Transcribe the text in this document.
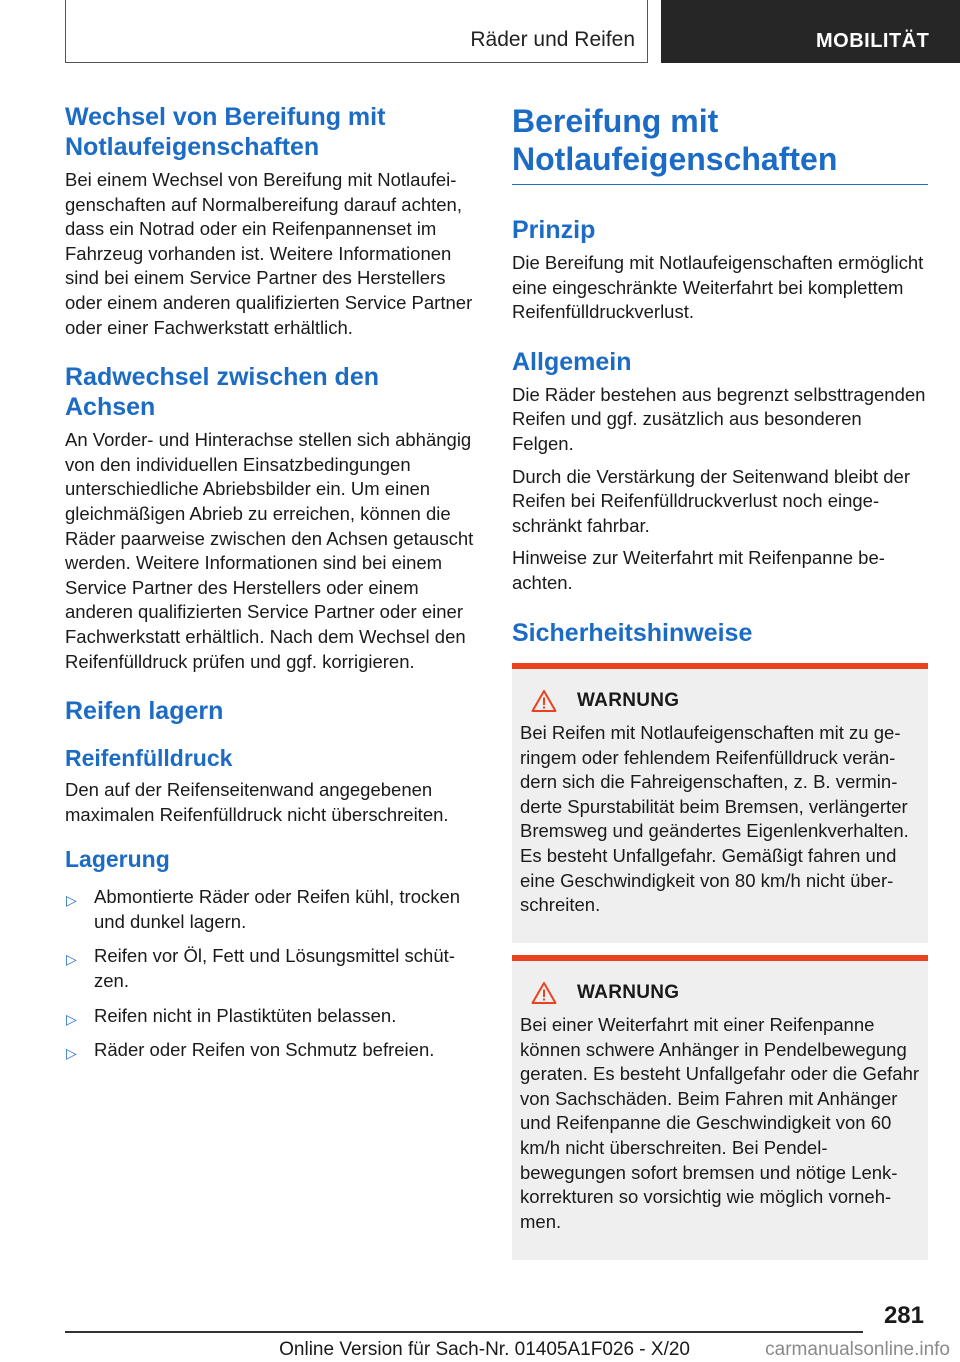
Räder und Reifen	MOBILITÄT
Wechsel von Bereifung mit Notlaufeigenschaften

Bei einem Wechsel von Bereifung mit Notlaufeigenschaften auf Normalbereifung darauf achten, dass ein Notrad oder ein Reifenpannenset im Fahrzeug vorhanden ist. Weitere Informationen sind bei einem Service Partner des Herstellers oder einem anderen qualifizierten Service Partner oder einer Fachwerkstatt erhältlich.

Radwechsel zwischen den Achsen

An Vorder- und Hinterachse stellen sich abhängig von den individuellen Einsatzbedingungen unterschiedliche Abriebsbilder ein. Um einen gleichmäßigen Abrieb zu erreichen, können die Räder paarweise zwischen den Achsen getauscht werden. Weitere Informationen sind bei einem Service Partner des Herstellers oder einem anderen qualifizierten Service Partner oder einer Fachwerkstatt erhältlich. Nach dem Wechsel den Reifenfülldruck prüfen und ggf. korrigieren.

Reifen lagern
Reifenfülldruck

Den auf der Reifenseitenwand angegebenen maximalen Reifenfülldruck nicht überschreiten.

Lagerung
▷ Abmontierte Räder oder Reifen kühl, trocken und dunkel lagern.
▷ Reifen vor Öl, Fett und Lösungsmittel schützen.
▷ Reifen nicht in Plastiktüten belassen.
▷ Räder oder Reifen von Schmutz befreien.
Bereifung mit Notlaufeigenschaften
Prinzip

Die Bereifung mit Notlaufeigenschaften ermöglicht eine eingeschränkte Weiterfahrt bei komplettem Reifenfülldruckverlust.

Allgemein

Die Räder bestehen aus begrenzt selbsttragenden Reifen und ggf. zusätzlich aus besonderen Felgen.

Durch die Verstärkung der Seitenwand bleibt der Reifen bei Reifenfülldruckverlust noch eingeschränkt fahrbar.

Hinweise zur Weiterfahrt mit Reifenpanne beachten.

Sicherheitshinweise
WARNUNG
Bei Reifen mit Notlaufeigenschaften mit zu geringem oder fehlendem Reifenfülldruck verändern sich die Fahreigenschaften, z. B. verminderte Spurstabilität beim Bremsen, verlängerter Bremsweg und geändertes Eigenlenkverhalten. Es besteht Unfallgefahr. Gemäßigt fahren und eine Geschwindigkeit von 80 km/h nicht überschreiten.
WARNUNG
Bei einer Weiterfahrt mit einer Reifenpanne können schwere Anhänger in Pendelbewegung geraten. Es besteht Unfallgefahr oder die Gefahr von Sachschäden. Beim Fahren mit Anhänger und Reifenpanne die Geschwindigkeit von 60 km/h nicht überschreiten. Bei Pendelbewegungen sofort bremsen und nötige Lenkkorrekturen so vorsichtig wie möglich vornehmen.
281
Online Version für Sach-Nr. 01405A1F026 - X/20	carmanualsonline.info
